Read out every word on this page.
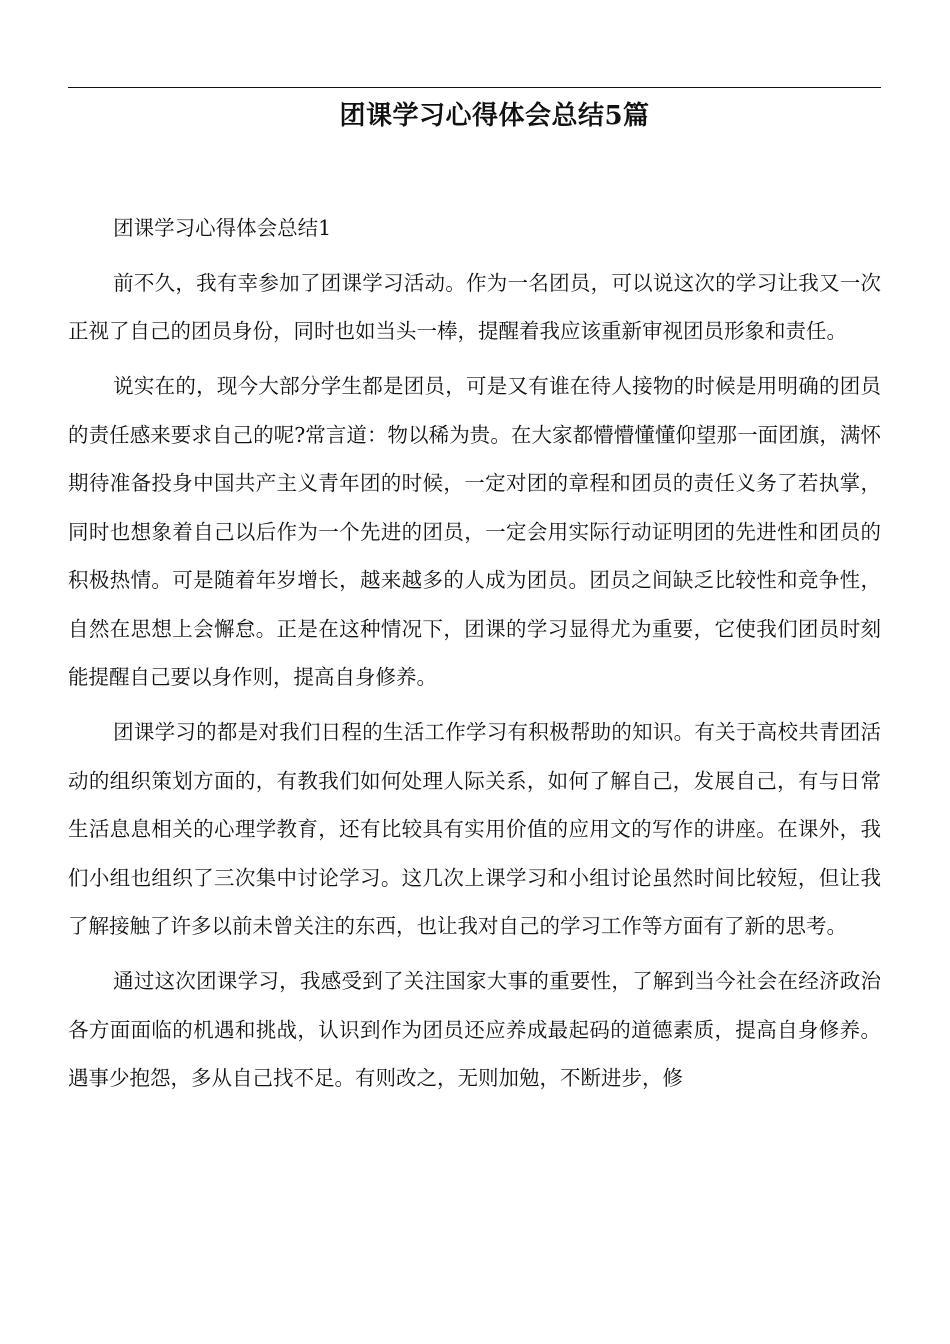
团课学习心得体会总结5篇

团课学习心得体会总结1

前不久，我有幸参加了团课学习活动。作为一名团员，可以说这次的学习让我又一次正视了自己的团员身份，同时也如当头一棒，提醒着我应该重新审视团员形象和责任。

说实在的，现今大部分学生都是团员，可是又有谁在待人接物的时候是用明确的团员的责任感来要求自己的呢?常言道：物以稀为贵。在大家都懵懵懂懂仰望那一面团旗，满怀期待准备投身中国共产主义青年团的时候，一定对团的章程和团员的责任义务了若执掌，同时也想象着自己以后作为一个先进的团员，一定会用实际行动证明团的先进性和团员的积极热情。可是随着年岁增长，越来越多的人成为团员。团员之间缺乏比较性和竞争性，自然在思想上会懈怠。正是在这种情况下，团课的学习显得尤为重要，它使我们团员时刻能提醒自己要以身作则，提高自身修养。

团课学习的都是对我们日程的生活工作学习有积极帮助的知识。有关于高校共青团活动的组织策划方面的，有教我们如何处理人际关系，如何了解自己，发展自己，有与日常生活息息相关的心理学教育，还有比较具有实用价值的应用文的写作的讲座。在课外，我们小组也组织了三次集中讨论学习。这几次上课学习和小组讨论虽然时间比较短，但让我了解接触了许多以前未曾关注的东西，也让我对自己的学习工作等方面有了新的思考。

通过这次团课学习，我感受到了关注国家大事的重要性，了解到当今社会在经济政治各方面面临的机遇和挑战，认识到作为团员还应养成最起码的道德素质，提高自身修养。遇事少抱怨，多从自己找不足。有则改之，无则加勉，不断进步，修
